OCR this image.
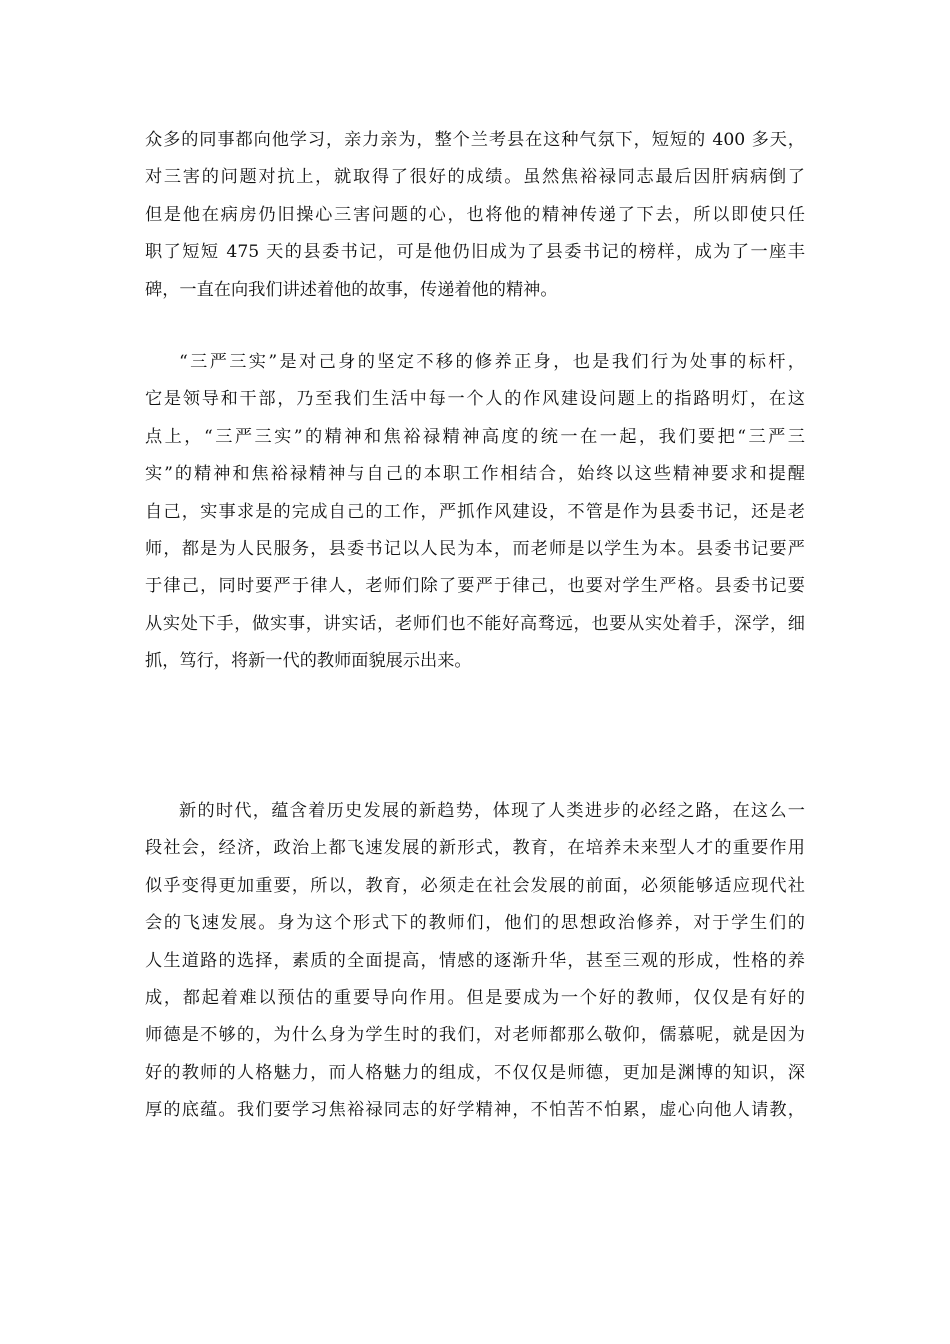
众多的同事都向他学习，亲力亲为，整个兰考县在这种气氛下，短短的 400 多天，
对三害的问题对抗上，就取得了很好的成绩。虽然焦裕禄同志最后因肝病病倒了
但是他在病房仍旧操心三害问题的心，也将他的精神传递了下去，所以即使只任
职了短短 475 天的县委书记，可是他仍旧成为了县委书记的榜样，成为了一座丰
碑，一直在向我们讲述着他的故事，传递着他的精神。
“三严三实”是对己身的坚定不移的修养正身，也是我们行为处事的标杆，
它是领导和干部，乃至我们生活中每一个人的作风建设问题上的指路明灯，在这
点上，“三严三实”的精神和焦裕禄精神高度的统一在一起，我们要把“三严三
实”的精神和焦裕禄精神与自己的本职工作相结合，始终以这些精神要求和提醒
自己，实事求是的完成自己的工作，严抓作风建设，不管是作为县委书记，还是老
师，都是为人民服务，县委书记以人民为本，而老师是以学生为本。县委书记要严
于律己，同时要严于律人，老师们除了要严于律己，也要对学生严格。县委书记要
从实处下手，做实事，讲实话，老师们也不能好高骛远，也要从实处着手，深学，细
抓，笃行，将新一代的教师面貌展示出来。
新的时代，蕴含着历史发展的新趋势，体现了人类进步的必经之路，在这么一
段社会，经济，政治上都飞速发展的新形式，教育，在培养未来型人才的重要作用
似乎变得更加重要，所以，教育，必须走在社会发展的前面，必须能够适应现代社
会的飞速发展。身为这个形式下的教师们，他们的思想政治修养，对于学生们的
人生道路的选择，素质的全面提高，情感的逐渐升华，甚至三观的形成，性格的养
成，都起着难以预估的重要导向作用。但是要成为一个好的教师，仅仅是有好的
师德是不够的，为什么身为学生时的我们，对老师都那么敬仰，儒慕呢，就是因为
好的教师的人格魅力，而人格魅力的组成，不仅仅是师德，更加是渊博的知识，深
厚的底蕴。我们要学习焦裕禄同志的好学精神，不怕苦不怕累，虚心向他人请教，
